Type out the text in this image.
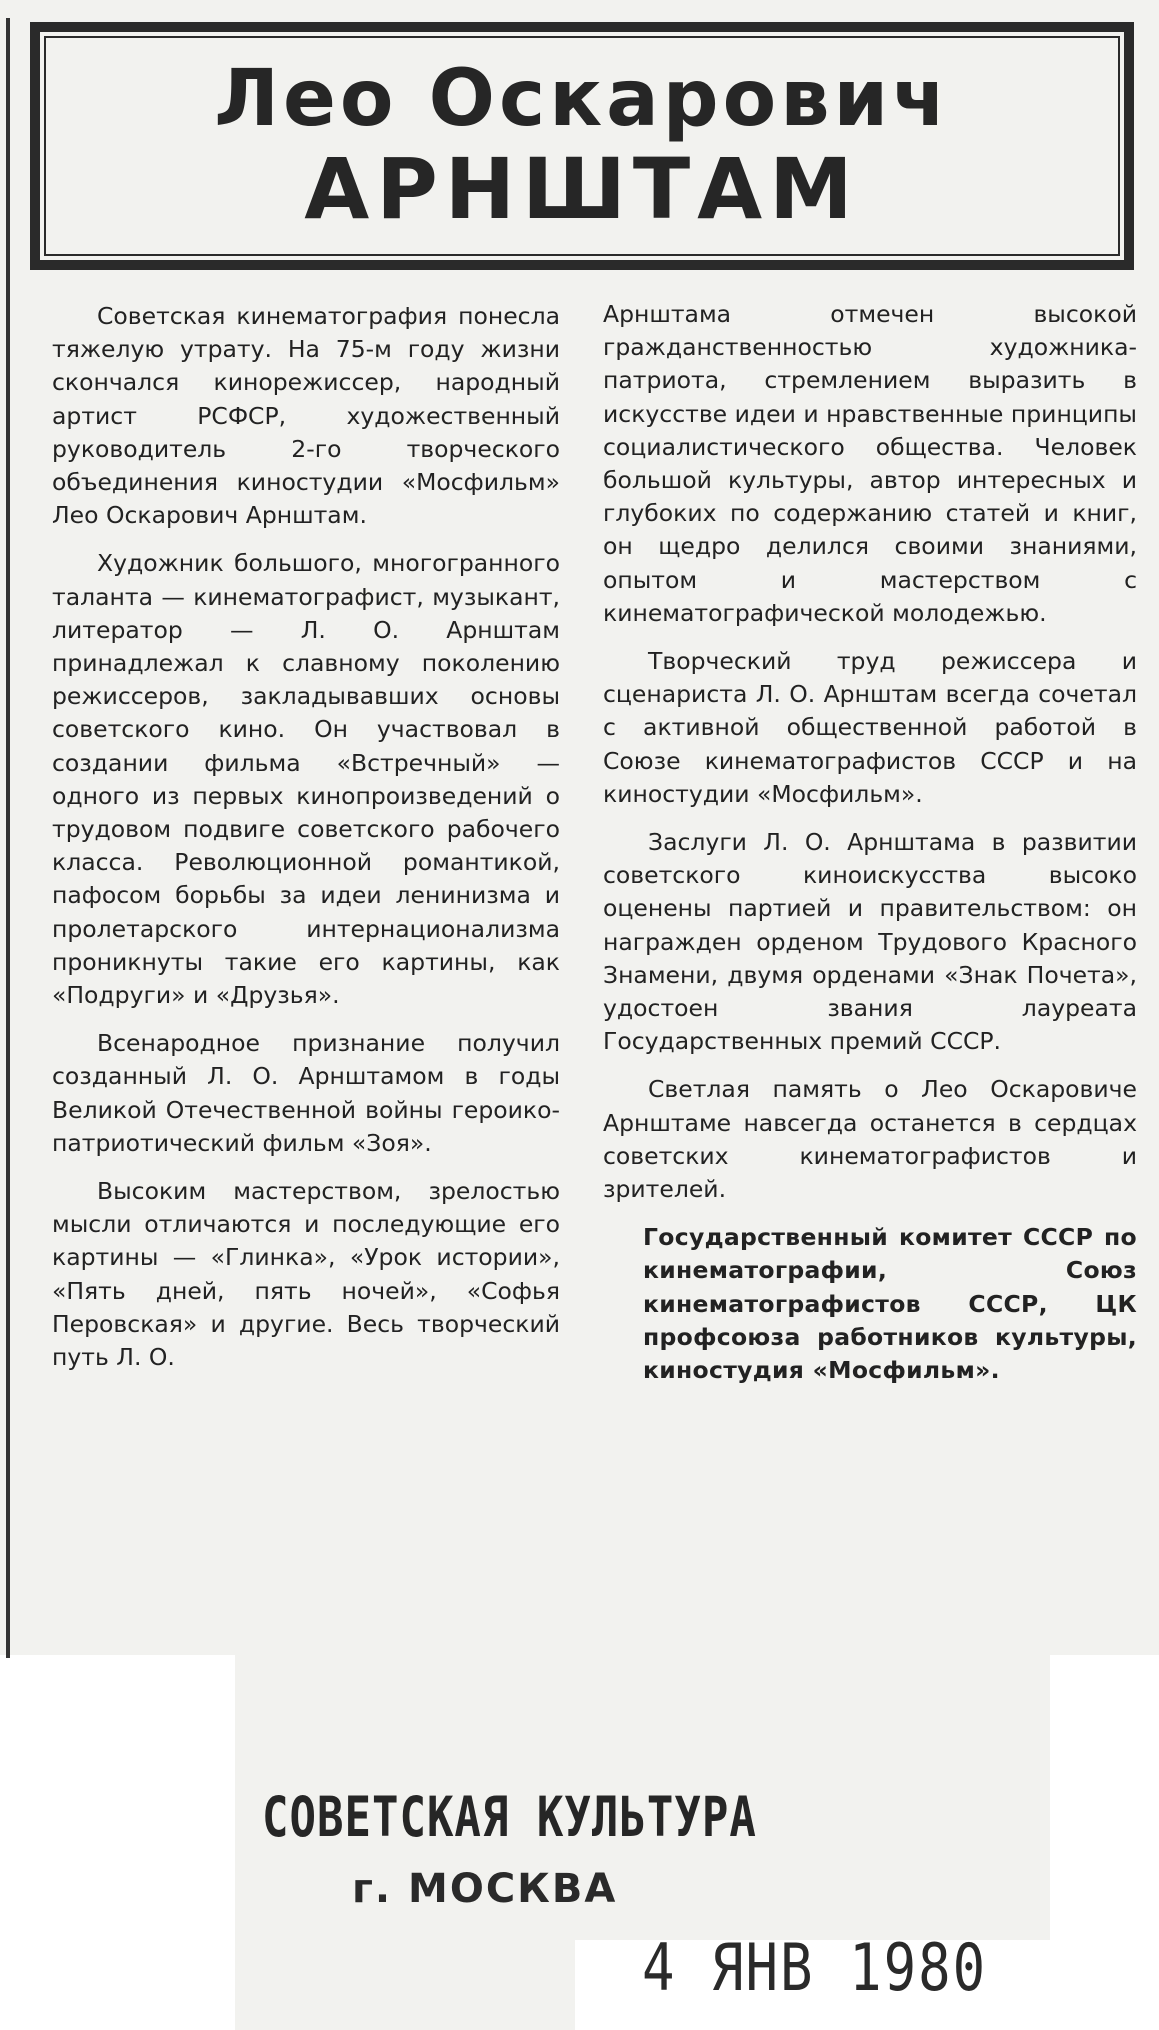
Лео Оскарович
АРНШТАМ

Советская кинематография понесла тяжелую утрату. На 75-м году жизни скончался кинорежиссер, народный артист РСФСР, художественный руководитель 2-го творческого объединения киностудии «Мосфильм» Лео Оскарович Арнштам.

Художник большого, многогранного таланта — кинематографист, музыкант, литератор — Л. О. Арнштам принадлежал к славному поколению режиссеров, закладывавших основы советского кино. Он участвовал в создании фильма «Встречный» — одного из первых кинопроизведений о трудовом подвиге советского рабочего класса. Революционной романтикой, пафосом борьбы за идеи ленинизма и пролетарского интернационализма проникнуты такие его картины, как «Подруги» и «Друзья».

Всенародное признание получил созданный Л. О. Арнштамом в годы Великой Отечественной войны героико-патриотический фильм «Зоя».

Высоким мастерством, зрелостью мысли отличаются и последующие его картины — «Глинка», «Урок истории», «Пять дней, пять ночей», «Софья Перовская» и другие. Весь творческий путь Л. О.

Арнштама отмечен высокой гражданственностью художника-патриота, стремлением выразить в искусстве идеи и нравственные принципы социалистического общества. Человек большой культуры, автор интересных и глубоких по содержанию статей и книг, он щедро делился своими знаниями, опытом и мастерством с кинематографической молодежью.

Творческий труд режиссера и сценариста Л. О. Арнштам всегда сочетал с активной общественной работой в Союзе кинематографистов СССР и на киностудии «Мосфильм».

Заслуги Л. О. Арнштама в развитии советского киноискусства высоко оценены партией и правительством: он награжден орденом Трудового Красного Знамени, двумя орденами «Знак Почета», удостоен звания лауреата Государственных премий СССР.

Светлая память о Лео Оскаровиче Арнштаме навсегда останется в сердцах советских кинематографистов и зрителей.

Государственный комитет СССР по кинематографии, Союз кинематографистов СССР, ЦК профсоюза работников культуры, киностудия «Мосфильм».

СОВЕТСКАЯ КУЛЬТУРА
г. МОСКВА
4 ЯНВ 1980
